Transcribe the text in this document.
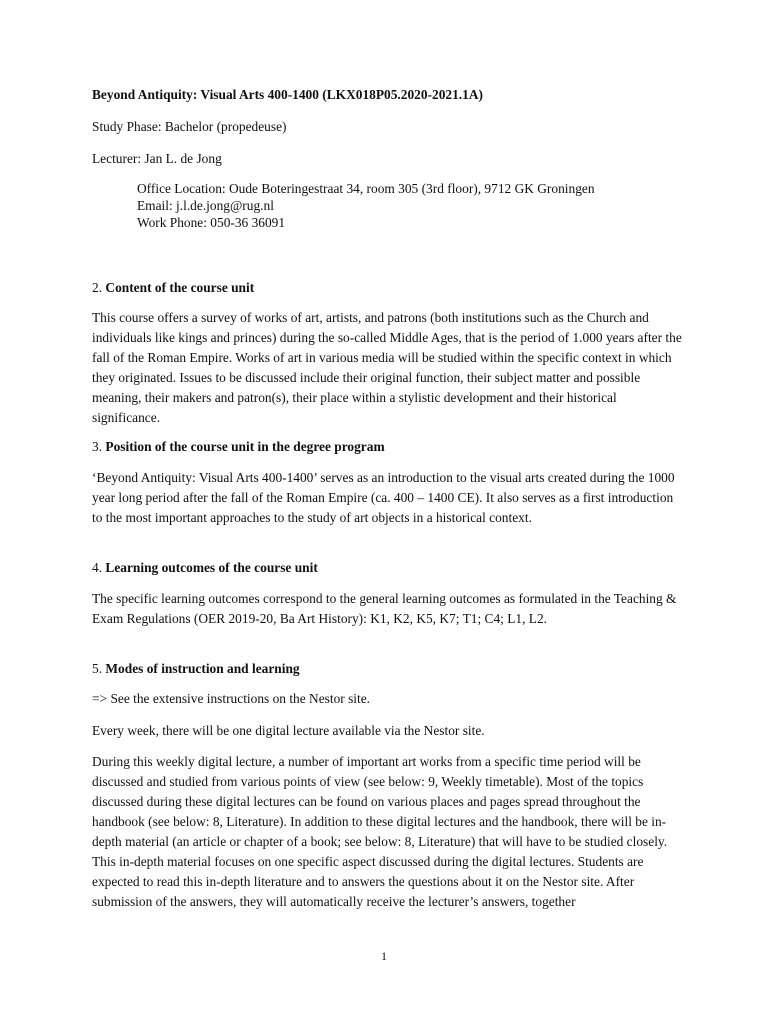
Beyond Antiquity: Visual Arts 400-1400 (LKX018P05.2020-2021.1A)

Study Phase: Bachelor (propedeuse)

Lecturer: Jan L. de Jong

Office Location: Oude Boteringestraat 34, room 305 (3rd floor), 9712 GK Groningen
Email: j.l.de.jong@rug.nl
Work Phone: 050-36 36091

2. Content of the course unit

This course offers a survey of works of art, artists, and patrons (both institutions such as the Church and individuals like kings and princes) during the so-called Middle Ages, that is the period of 1.000 years after the fall of the Roman Empire. Works of art in various media will be studied within the specific context in which they originated. Issues to be discussed include their original function, their subject matter and possible meaning, their makers and patron(s), their place within a stylistic development and their historical significance.

3. Position of the course unit in the degree program

‘Beyond Antiquity: Visual Arts 400-1400’ serves as an introduction to the visual arts created during the 1000 year long period after the fall of the Roman Empire (ca. 400 – 1400 CE). It also serves as a first introduction to the most important approaches to the study of art objects in a historical context.

4. Learning outcomes of the course unit

The specific learning outcomes correspond to the general learning outcomes as formulated in the Teaching & Exam Regulations (OER 2019-20, Ba Art History): K1, K2, K5, K7; T1; C4; L1, L2.

5. Modes of instruction and learning

=> See the extensive instructions on the Nestor site.

Every week, there will be one digital lecture available via the Nestor site.

During this weekly digital lecture, a number of important art works from a specific time period will be discussed and studied from various points of view (see below: 9, Weekly timetable). Most of the topics discussed during these digital lectures can be found on various places and pages spread throughout the handbook (see below: 8, Literature). In addition to these digital lectures and the handbook, there will be in-depth material (an article or chapter of a book; see below: 8, Literature) that will have to be studied closely. This in-depth material focuses on one specific aspect discussed during the digital lectures. Students are expected to read this in-depth literature and to answers the questions about it on the Nestor site. After submission of the answers, they will automatically receive the lecturer’s answers, together

1
